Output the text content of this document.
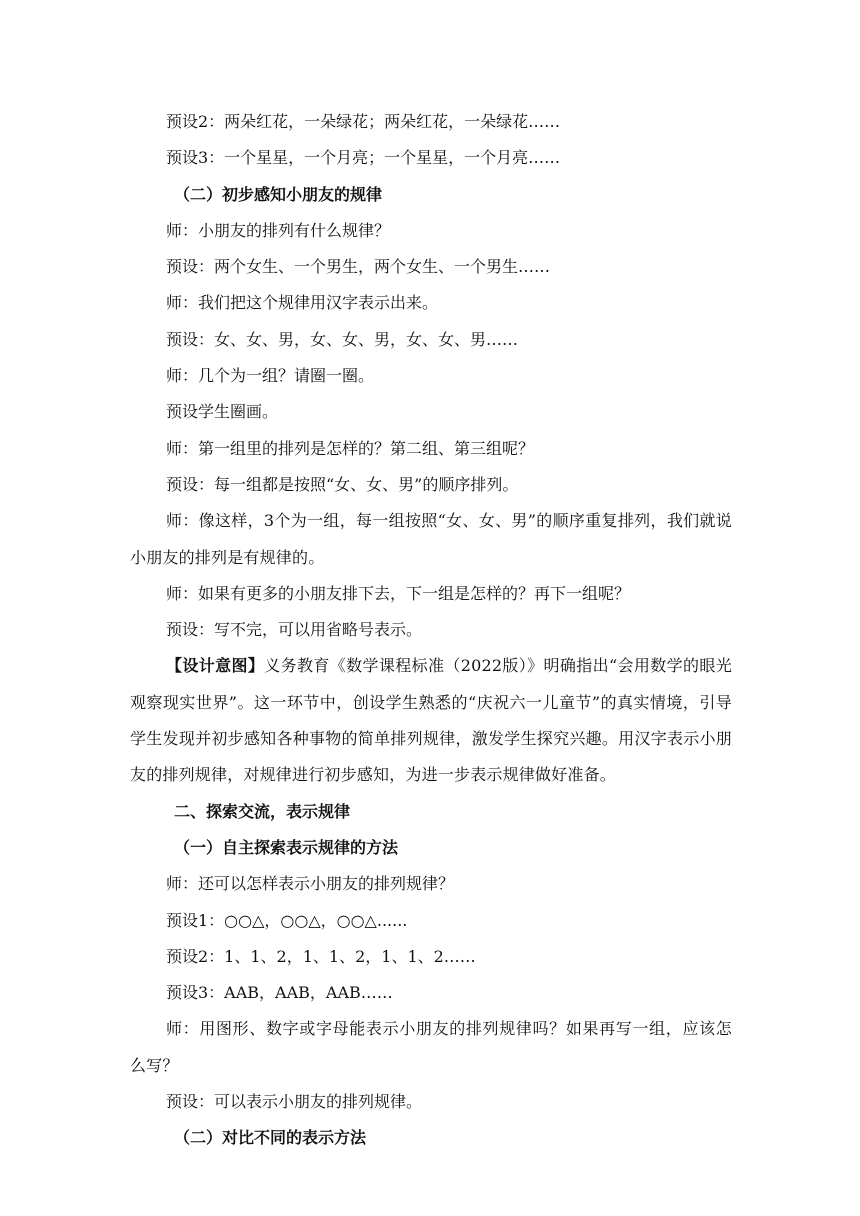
预设2：两朵红花，一朵绿花；两朵红花，一朵绿花……
预设3：一个星星，一个月亮；一个星星，一个月亮……
（二）初步感知小朋友的规律
师：小朋友的排列有什么规律？
预设：两个女生、一个男生，两个女生、一个男生……
师：我们把这个规律用汉字表示出来。
预设：女、女、男，女、女、男，女、女、男……
师：几个为一组？请圈一圈。
预设学生圈画。
师：第一组里的排列是怎样的？第二组、第三组呢？
预设：每一组都是按照“女、女、男”的顺序排列。
师：像这样，3个为一组，每一组按照“女、女、男”的顺序重复排列，我们就说小朋友的排列是有规律的。
师：如果有更多的小朋友排下去，下一组是怎样的？再下一组呢？
预设：写不完，可以用省略号表示。
【设计意图】义务教育《数学课程标准（2022版）》明确指出“会用数学的眼光观察现实世界”。这一环节中，创设学生熟悉的“庆祝六一儿童节”的真实情境，引导学生发现并初步感知各种事物的简单排列规律，激发学生探究兴趣。用汉字表示小朋友的排列规律，对规律进行初步感知，为进一步表示规律做好准备。
二、探索交流，表示规律
（一）自主探索表示规律的方法
师：还可以怎样表示小朋友的排列规律？
预设1：○○△，○○△，○○△......
预设2：1、1、2，1、1、2，1、1、2……
预设3：AAB，AAB，AAB……
师：用图形、数字或字母能表示小朋友的排列规律吗？如果再写一组，应该怎么写？
预设：可以表示小朋友的排列规律。
（二）对比不同的表示方法
